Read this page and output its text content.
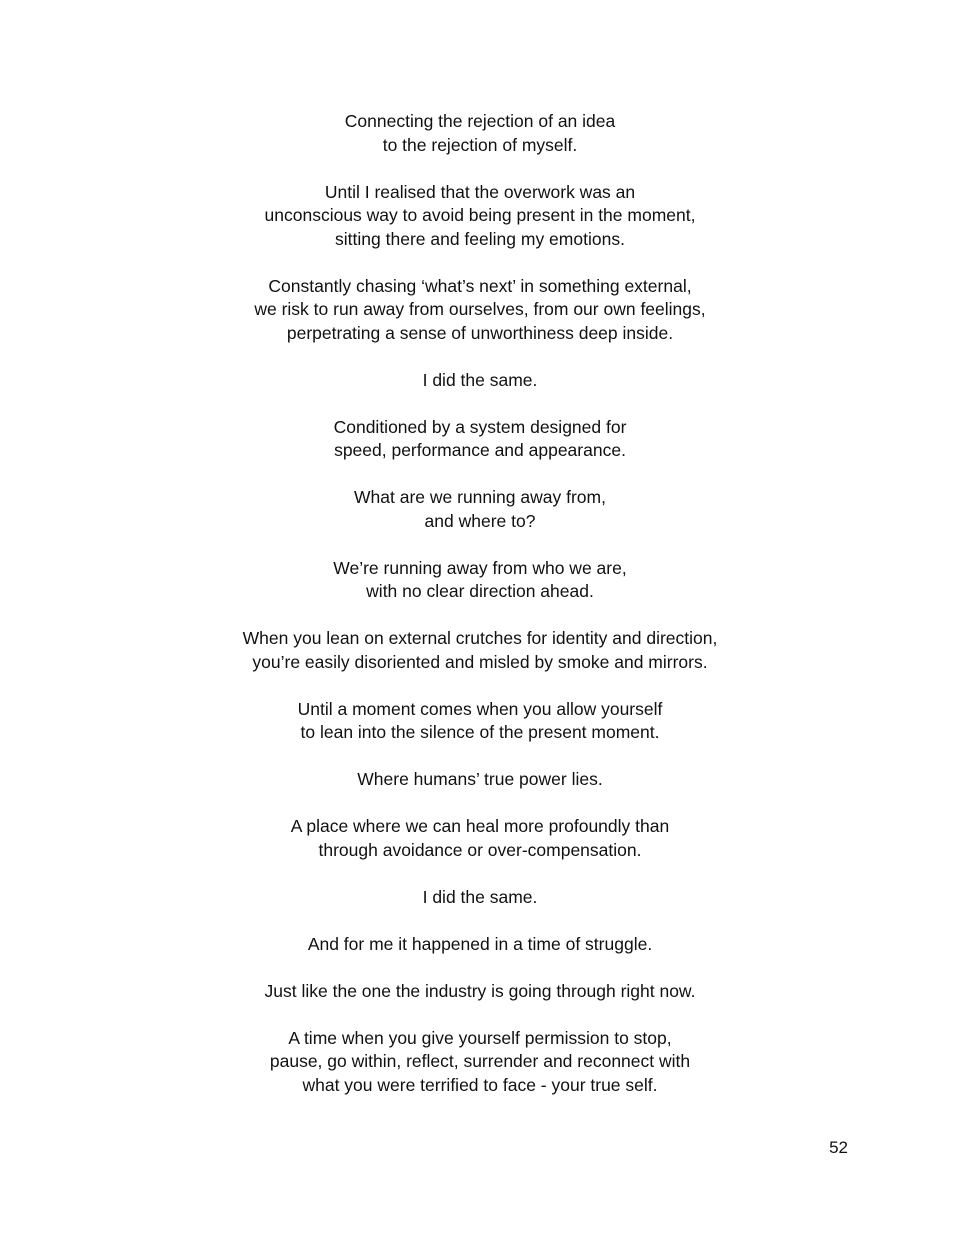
Connecting the rejection of an idea
to the rejection of myself.
Until I realised that the overwork was an
unconscious way to avoid being present in the moment,
sitting there and feeling my emotions.
Constantly chasing ‘what’s next’ in something external,
we risk to run away from ourselves, from our own feelings,
perpetrating a sense of unworthiness deep inside.
I did the same.
Conditioned by a system designed for
speed, performance and appearance.
What are we running away from,
and where to?
We’re running away from who we are,
with no clear direction ahead.
When you lean on external crutches for identity and direction,
you’re easily disoriented and misled by smoke and mirrors.
Until a moment comes when you allow yourself
to lean into the silence of the present moment.
Where humans’ true power lies.
A place where we can heal more profoundly than
through avoidance or over-compensation.
I did the same.
And for me it happened in a time of struggle.
Just like the one the industry is going through right now.
A time when you give yourself permission to stop,
pause, go within, reflect, surrender and reconnect with
what you were terrified to face - your true self.
52
